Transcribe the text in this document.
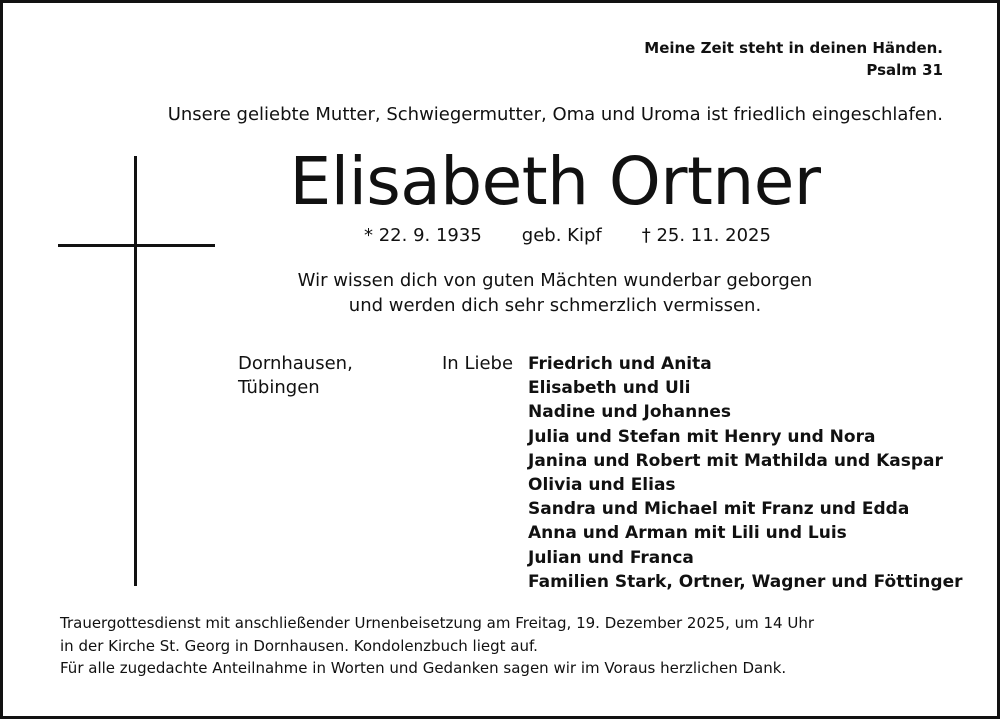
Meine Zeit steht in deinen Händen.
Psalm 31
Unsere geliebte Mutter, Schwiegermutter, Oma und Uroma ist friedlich eingeschlafen.
Elisabeth Ortner
* 22. 9. 1935 geb. Kipf † 25. 11. 2025
Wir wissen dich von guten Mächten wunderbar geborgen
und werden dich sehr schmerzlich vermissen.
Dornhausen,
Tübingen
In Liebe Friedrich und Anita
Elisabeth und Uli
Nadine und Johannes
Julia und Stefan mit Henry und Nora
Janina und Robert mit Mathilda und Kaspar
Olivia und Elias
Sandra und Michael mit Franz und Edda
Anna und Arman mit Lili und Luis
Julian und Franca
Familien Stark, Ortner, Wagner und Föttinger
Trauergottesdienst mit anschließender Urnenbeisetzung am Freitag, 19. Dezember 2025, um 14 Uhr
in der Kirche St. Georg in Dornhausen. Kondolenzbuch liegt auf.
Für alle zugedachte Anteilnahme in Worten und Gedanken sagen wir im Voraus herzlichen Dank.
